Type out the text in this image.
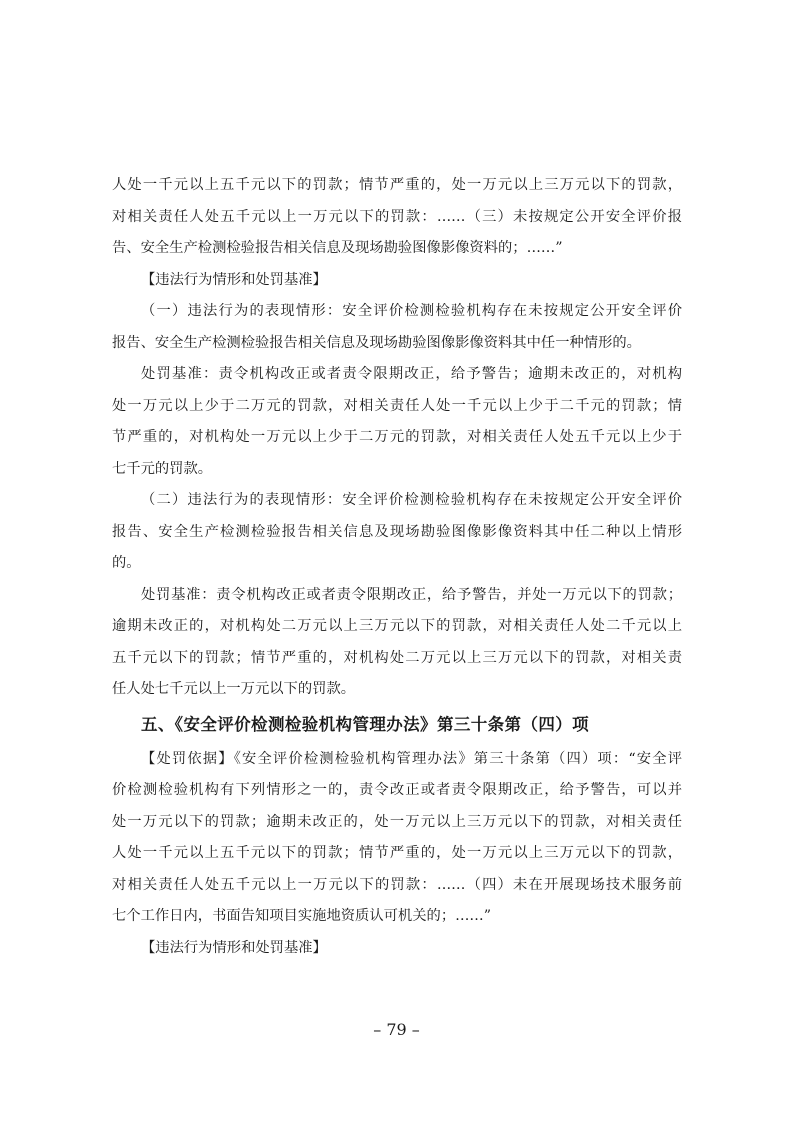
人处一千元以上五千元以下的罚款；情节严重的，处一万元以上三万元以下的罚款，
对相关责任人处五千元以上一万元以下的罚款：……（三）未按规定公开安全评价报
告、安全生产检测检验报告相关信息及现场勘验图像影像资料的；……”
【违法行为情形和处罚基准】
（一）违法行为的表现情形：安全评价检测检验机构存在未按规定公开安全评价
报告、安全生产检测检验报告相关信息及现场勘验图像影像资料其中任一种情形的。
处罚基准：责令机构改正或者责令限期改正，给予警告；逾期未改正的，对机构
处一万元以上少于二万元的罚款，对相关责任人处一千元以上少于二千元的罚款；情
节严重的，对机构处一万元以上少于二万元的罚款，对相关责任人处五千元以上少于
七千元的罚款。
（二）违法行为的表现情形：安全评价检测检验机构存在未按规定公开安全评价
报告、安全生产检测检验报告相关信息及现场勘验图像影像资料其中任二种以上情形
的。
处罚基准：责令机构改正或者责令限期改正，给予警告，并处一万元以下的罚款；
逾期未改正的，对机构处二万元以上三万元以下的罚款，对相关责任人处二千元以上
五千元以下的罚款；情节严重的，对机构处二万元以上三万元以下的罚款，对相关责
任人处七千元以上一万元以下的罚款。
五、《安全评价检测检验机构管理办法》第三十条第（四）项
【处罚依据】《安全评价检测检验机构管理办法》第三十条第（四）项：“安全评
价检测检验机构有下列情形之一的，责令改正或者责令限期改正，给予警告，可以并
处一万元以下的罚款；逾期未改正的，处一万元以上三万元以下的罚款，对相关责任
人处一千元以上五千元以下的罚款；情节严重的，处一万元以上三万元以下的罚款，
对相关责任人处五千元以上一万元以下的罚款：……（四）未在开展现场技术服务前
七个工作日内，书面告知项目实施地资质认可机关的；……”
【违法行为情形和处罚基准】
– 79 –
